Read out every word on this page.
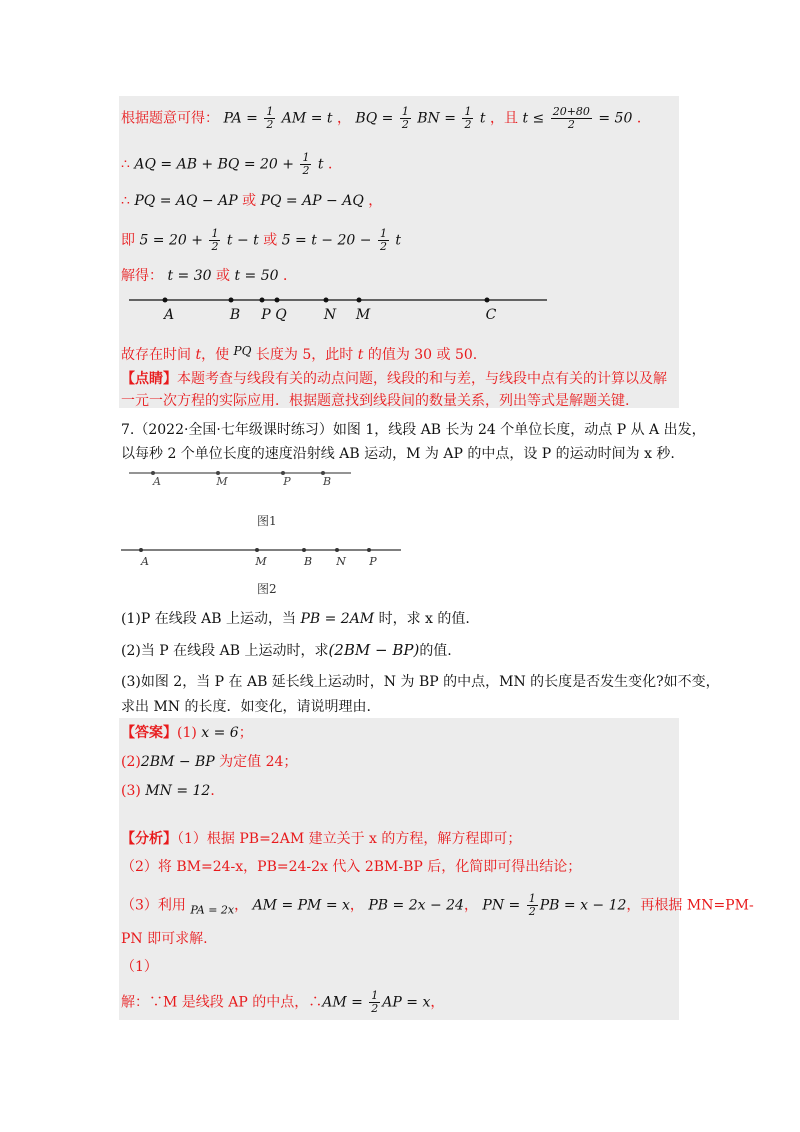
根据题意可得： PA = $\frac{1}{2}$ AM = t ， BQ = $\frac{1}{2}$ BN = $\frac{1}{2}$ t ，且 $t \le \frac{20+80}{2} = 50$ ．
∴ AQ = AB + BQ = $20 + \frac{1}{2}$ t ．
∴ PQ = AQ − AP 或 PQ = AP − AQ ，
即 $5 = 20 + \frac{1}{2}$ t − t 或 $5 = t - 20 - \frac{1}{2}$ t
解得： t = 30 或 t = 50 ．
A	B P Q	N M	C
故存在时间 t，使 PQ 长度为 5，此时 t 的值为 30 或 50.
【点睛】本题考查与线段有关的动点问题，线段的和与差，与线段中点有关的计算以及解
一元一次方程的实际应用．根据题意找到线段间的数量关系，列出等式是解题关键.
7.（2022·全国·七年级课时练习）如图 1，线段 AB 长为 24 个单位长度，动点 P 从 A 出发，
以每秒 2 个单位长度的速度沿射线 AB 运动，M 为 AP 的中点，设 P 的运动时间为 x 秒.
A	M	P	B
图1
A	M	B N P
图2
(1)P 在线段 AB 上运动，当 PB = 2AM 时，求 x 的值.
(2)当 P 在线段 AB 上运动时，求(2BM − BP)的值.
(3)如图 2，当 P 在 AB 延长线上运动时，N 为 BP 的中点，MN 的长度是否发生变化?如不变，
求出 MN 的长度．如变化，请说明理由.
【答案】(1) x = 6；
(2)2BM − BP 为定值 24；
(3) MN = 12．
【分析】（1）根据 PB=2AM 建立关于 x 的方程，解方程即可；
（2）将 BM=24-x，PB=24-2x 代入 2BM-BP 后，化简即可得出结论；
（3）利用 $_{PA = 2x}$， AM = PM = x， PB = 2x − 24， PN = $\frac{1}{2}$ PB = x − 12，再根据 MN=PM-
PN 即可求解.
（1）
解：∵M 是线段 AP 的中点，∴AM = $\frac{1}{2}$ AP = x，
